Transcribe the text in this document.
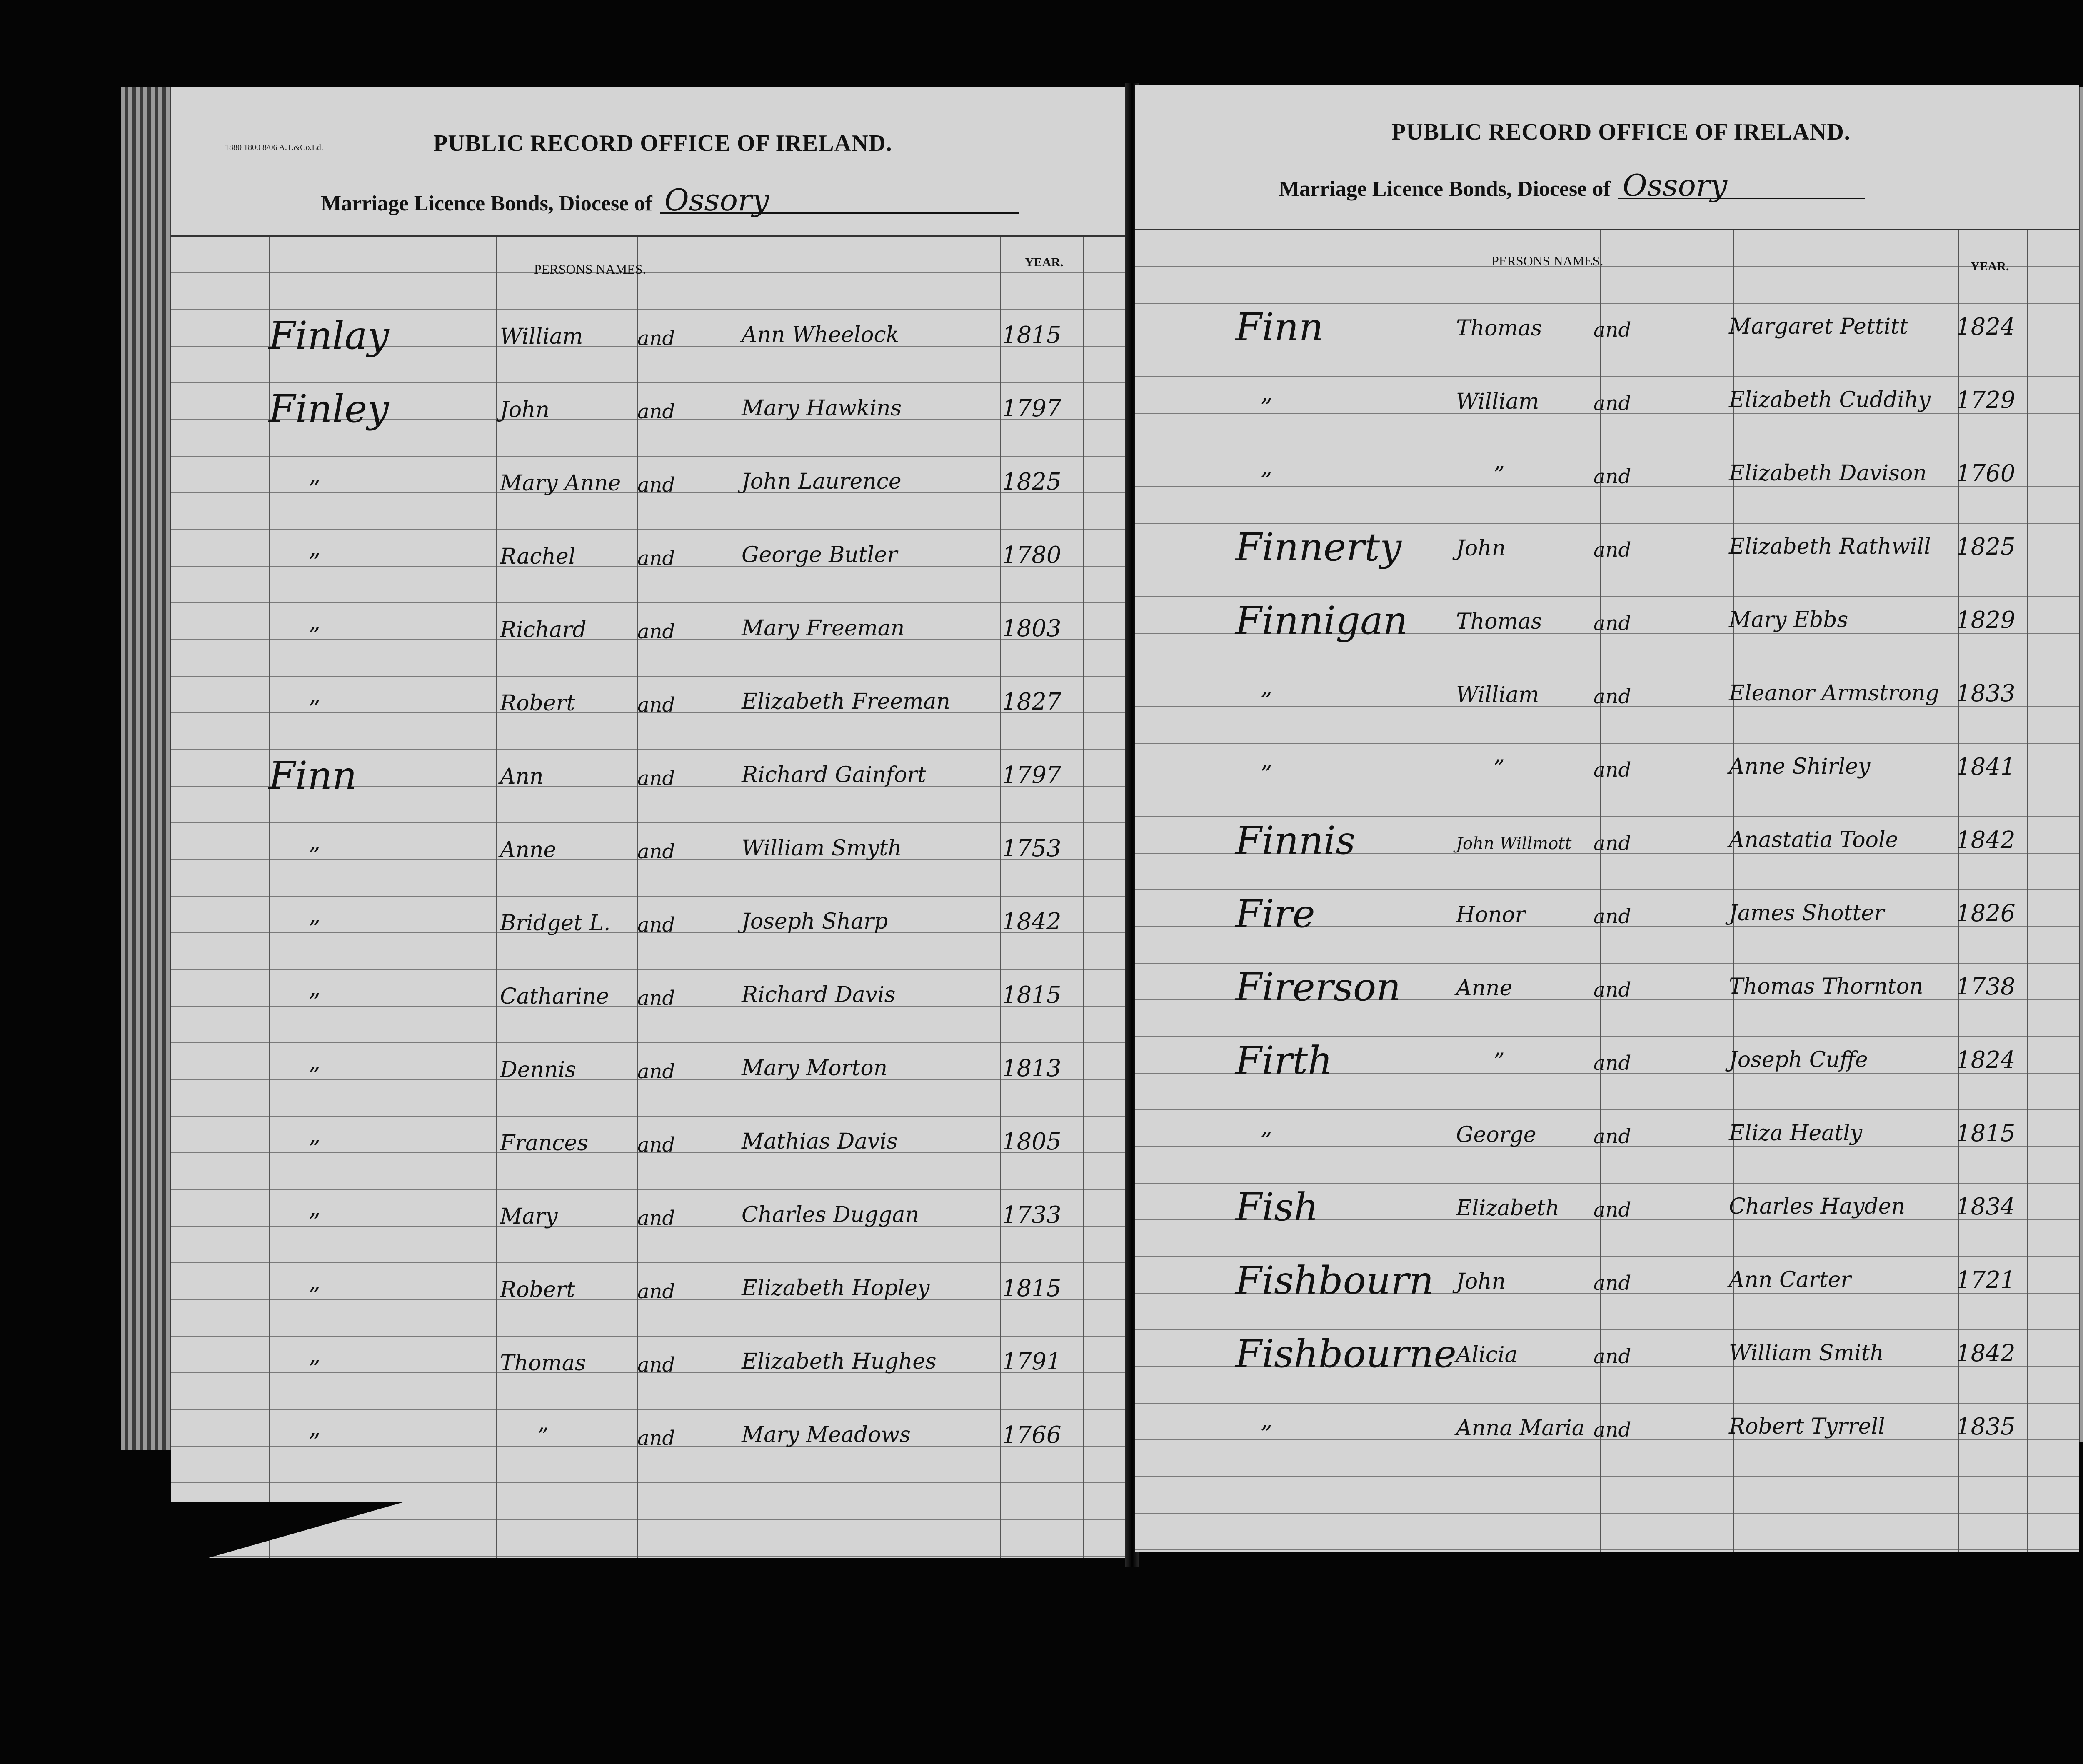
1880 1800 8/06 A.T.&Co.Ld.	PUBLIC RECORD OFFICE OF IRELAND.
Marriage Licence Bonds, Diocese of Ossory
PERSONS NAMES.	YEAR.
Finlay	William	and	Ann Wheelock	1815
Finley	John	and	Mary Hawkins	1797
”	Mary Anne and	John Laurence	1825
”	Rachel	and	George Butler	1780
”	Richard	and	Mary Freeman	1803
”	Robert	and	Elizabeth Freeman 1827
Finn	Ann	and	Richard Gainfort	1797
”	Anne	and	William Smyth	1753
”	Bridget L. and	Joseph Sharp	1842
”	Catharine and	Richard Davis	1815
”	Dennis	and	Mary Morton	1813
”	Frances and	Mathias Davis	1805
”	Mary	and	Charles Duggan	1733
”	Robert	and	Elizabeth Hopley	1815
”	Thomas	and	Elizabeth Hughes	1791
”	”	and	Mary Meadows	1766
PUBLIC RECORD OFFICE OF IRELAND.
Marriage Licence Bonds, Diocese of Ossory
PERSONS NAMES.	YEAR.
Finn	Thomas	and	Margaret Pettitt 1824
”	William	and	Elizabeth Cuddihy 1729
”	”	and	Elizabeth Davison 1760
Finnerty	John	and	Elizabeth Rathwill 1825
Finnigan Thomas	and	Mary Ebbs	1829
”	William	and	Eleanor Armstrong 1833
”	”	and	Anne Shirley	1841
Finnis	John Willmott and	Anastatia Toole 1842
Fire	Honor	and	James Shotter	1826
Firerson	Anne	and	Thomas Thornton 1738
Firth	”	and	Joseph Cuffe	1824
”	George	and	Eliza Heatly	1815
Fish	Elizabeth and	Charles Hayden 1834
Fishbourn John	and	Ann Carter	1721
Fishbourne Alicia	and	William Smith	1842
”	Anna Maria and	Robert Tyrrell	1835
